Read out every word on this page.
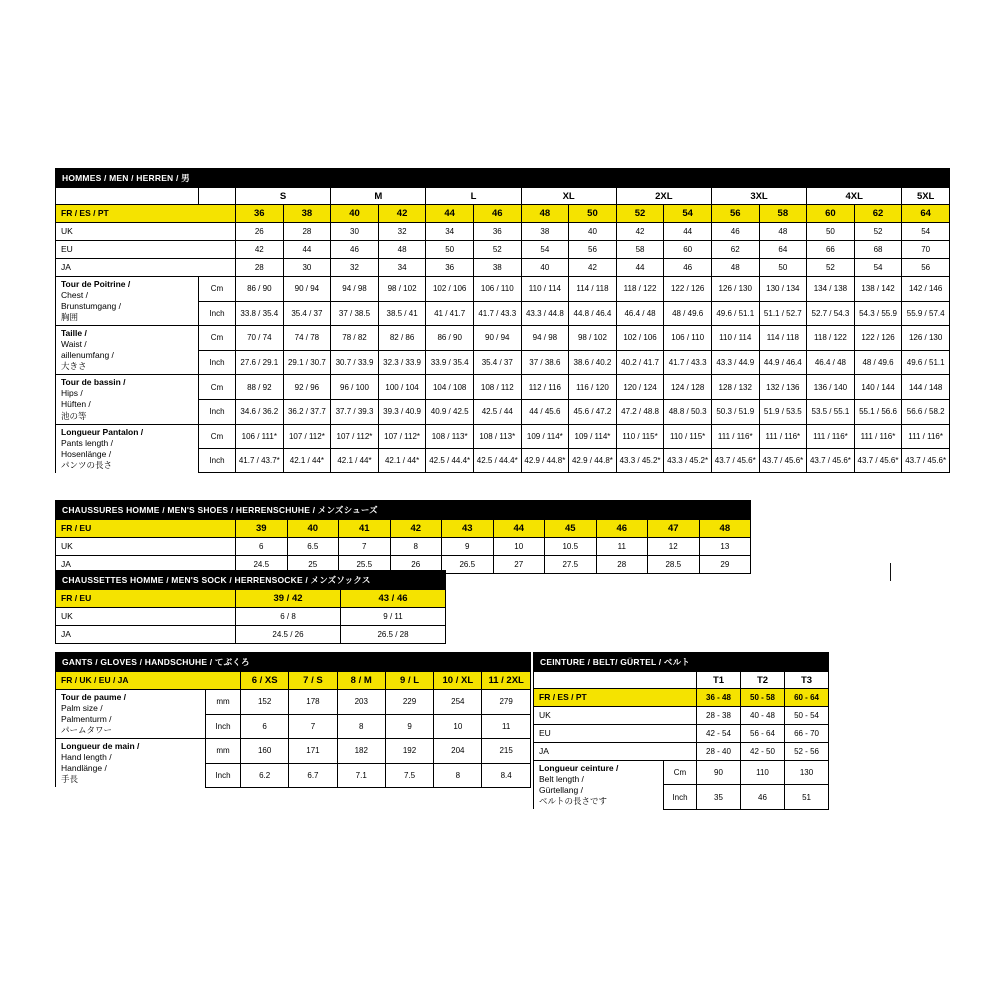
HOMMES / MEN / HERREN / 男																
		S		M		L		XL		2XL		3XL		4XL		5XL
FR / ES / PT		36	38	40	42	44	46	48	50	52	54	56	58	60	62	64
UK		26	28	30	32	34	36	38	40	42	44	46	48	50	52	54
EU		42	44	46	48	50	52	54	56	58	60	62	64	66	68	70
JA		28	30	32	34	36	38	40	42	44	46	48	50	52	54	56

Tour de Poitrine /
Chest /
Brunstumgang /
胸囲	Cm	86 / 90	90 / 94	94 / 98	98 / 102	102 / 106	106 / 110	110 / 114	114 / 118	118 / 122	122 / 126	126 / 130	130 / 134	134 / 138	138 / 142	142 / 146
	Inch	33.8 / 35.4	35.4 / 37	37 / 38.5	38.5 / 41	41 / 41.7	41.7 / 43.3	43.3 / 44.8	44.8 / 46.4	46.4 / 48	48 / 49.6	49.6 / 51.1	51.1 / 52.7	52.7 / 54.3	54.3 / 55.9	55.9 / 57.4

Taille /
Waist /
aillenumfang /
大きさ	Cm	70 / 74	74 / 78	78 / 82	82 / 86	86 / 90	90 / 94	94 / 98	98 / 102	102 / 106	106 / 110	110 / 114	114 / 118	118 / 122	122 / 126	126 / 130
	Inch	27.6 / 29.1	29.1 / 30.7	30.7 / 33.9	32.3 / 33.9	33.9 / 35.4	35.4 / 37	37 / 38.6	38.6 / 40.2	40.2 / 41.7	41.7 / 43.3	43.3 / 44.9	44.9 / 46.4	46.4 / 48	48 / 49.6	49.6 / 51.1

Tour de bassin /
Hips /
Hüften /
池の等	Cm	88 / 92	92 / 96	96 / 100	100 / 104	104 / 108	108 / 112	112 / 116	116 / 120	120 / 124	124 / 128	128 / 132	132 / 136	136 / 140	140 / 144	144 / 148
	Inch	34.6 / 36.2	36.2 / 37.7	37.7 / 39.3	39.3 / 40.9	40.9 / 42.5	42.5 / 44	44 / 45.6	45.6 / 47.2	47.2 / 48.8	48.8 / 50.3	50.3 / 51.9	51.9 / 53.5	53.5 / 55.1	55.1 / 56.6	56.6 / 58.2

Longueur Pantalon /
Pants length /
Hosenlänge /
パンツの長さ	Cm	106 / 111*	107 / 112*	107 / 112*	107 / 112*	108 / 113*	108 / 113*	109 / 114*	109 / 114*	110 / 115*	110 / 115*	111 / 116*	111 / 116*	111 / 116*	111 / 116*	111 / 116*
	Inch	41.7 / 43.7*	42.1 / 44*	42.1 / 44*	42.1 / 44*	42.5 / 44.4*	42.5 / 44.4*	42.9 / 44.8*	42.9 / 44.8*	43.3 / 45.2*	43.3 / 45.2*	43.7 / 45.6*	43.7 / 45.6*	43.7 / 45.6*	43.7 / 45.6*	43.7 / 45.6*
CHAUSSURES HOMME / MEN'S SHOES / HERRENSCHUHE / メンズシューズ										
FR / EU	39	40	41	42	43	44	45	46	47	48
UK	6	6.5	7	8	9	10	10.5	11	12	13
JA	24.5	25	25.5	26	26.5	27	27.5	28	28.5	29
CHAUSSETTES HOMME / MEN'S SOCK / HERRENSOCKE / メンズソックス		
FR / EU	39 / 42	43 / 46
UK	6 / 8	9 / 11
JA	24.5 / 26	26.5 / 28
GANTS / GLOVES / HANDSCHUHE / てぶくろ							
FR / UK / EU / JA		6 / XS	7 / S	8 / M	9 / L	10 / XL	11 / 2XL

Tour de paume /
Palm size /
Palmenturm /
パームタワー	mm	152	178	203	229	254	279
	Inch	6	7	8	9	10	11

Longueur de main /
Hand length /
Handlänge /
手長	mm	160	171	182	192	204	215
	Inch	6.2	6.7	7.1	7.5	8	8.4
CEINTURE / BELT/ GÜRTEL / ベルト				
		T1	T2	T3
FR / ES / PT		36 - 48	50 - 58	60 - 64
UK		28 - 38	40 - 48	50 - 54
EU		42 - 54	56 - 64	66 - 70
JA		28 - 40	42 - 50	52 - 56

Longueur ceinture /
Belt length /
Gürtellang /
ベルトの長さです	Cm	90	110	130
	Inch	35	46	51
